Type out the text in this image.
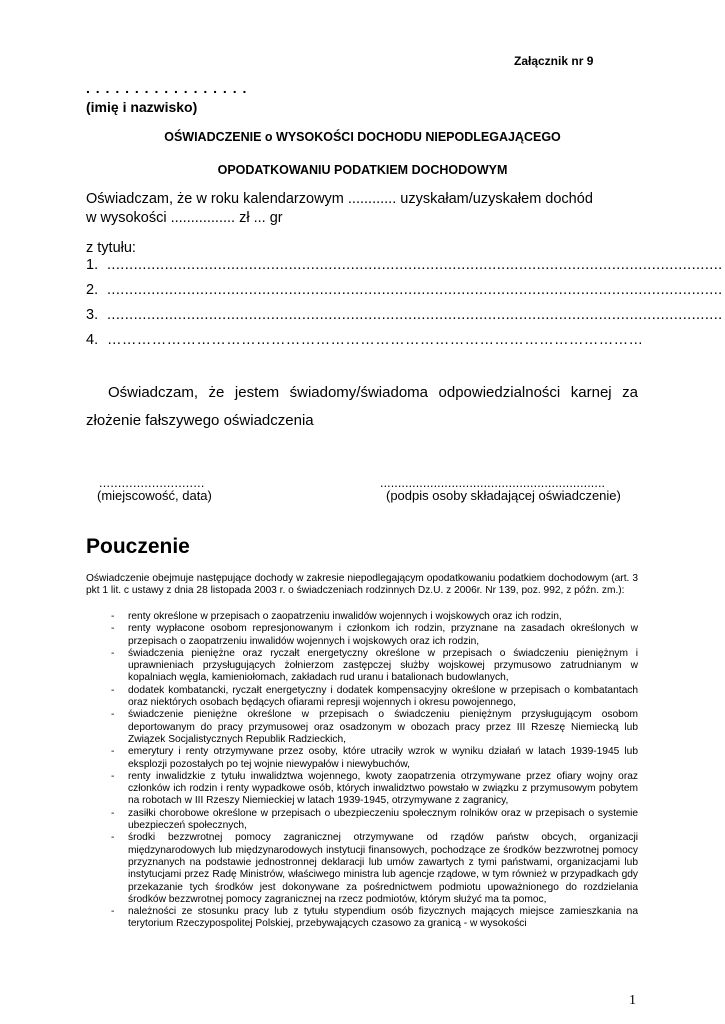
Załącznik nr 9
. . . . . . . . . . . . . . . . .
(imię i nazwisko)
OŚWIADCZENIE o WYSOKOŚCI DOCHODU NIEPODLEGAJĄCEGO
OPODATKOWANIU PODATKIEM DOCHODOWYM
Oświadczam, że w roku kalendarzowym ............ uzyskałam/uzyskałem dochód
w wysokości ................ zł ... gr
z tytułu:
1. ...........................................................................................................................................
2. ...........................................................................................................................................
3. ...........................................................................................................................................
4. ………………………………………………………………………………………………
Oświadczam, że jestem świadomy/świadoma odpowiedzialności karnej za złożenie fałszywego oświadczenia
............................
(miejscowość, data)
...............................................................
(podpis osoby składającej oświadczenie)
Pouczenie
Oświadczenie obejmuje następujące dochody w zakresie niepodlegającym opodatkowaniu podatkiem dochodowym (art. 3 pkt 1 lit. c ustawy z dnia 28 listopada 2003 r. o świadczeniach rodzinnych Dz.U. z 2006r. Nr 139, poz. 992, z późn. zm.):
- renty określone w przepisach o zaopatrzeniu inwalidów wojennych i wojskowych oraz ich rodzin,
- renty wypłacone osobom represjonowanym i członkom ich rodzin, przyznane na zasadach określonych w przepisach o zaopatrzeniu inwalidów wojennych i wojskowych oraz ich rodzin,
- świadczenia pieniężne oraz ryczałt energetyczny określone w przepisach o świadczeniu pieniężnym i uprawnieniach przysługujących żołnierzom zastępczej służby wojskowej przymusowo zatrudnianym w kopalniach węgla, kamieniołomach, zakładach rud uranu i batalionach budowlanych,
- dodatek kombatancki, ryczałt energetyczny i dodatek kompensacyjny określone w przepisach o kombatantach oraz niektórych osobach będących ofiarami represji wojennych i okresu powojennego,
- świadczenie pieniężne określone w przepisach o świadczeniu pieniężnym przysługującym osobom deportowanym do pracy przymusowej oraz osadzonym w obozach pracy przez III Rzeszę Niemiecką lub Związek Socjalistycznych Republik Radzieckich,
- emerytury i renty otrzymywane przez osoby, które utraciły wzrok w wyniku działań w latach 1939-1945 lub eksplozji pozostałych po tej wojnie niewypałów i niewybuchów,
- renty inwalidzkie z tytułu inwalidztwa wojennego, kwoty zaopatrzenia otrzymywane przez ofiary wojny oraz członków ich rodzin i renty wypadkowe osób, których inwalidztwo powstało w związku z przymusowym pobytem na robotach w III Rzeszy Niemieckiej w latach 1939-1945, otrzymywane z zagranicy,
- zasiłki chorobowe określone w przepisach o ubezpieczeniu społecznym rolników oraz w przepisach o systemie ubezpieczeń społecznych,
- środki bezzwrotnej pomocy zagranicznej otrzymywane od rządów państw obcych, organizacji międzynarodowych lub międzynarodowych instytucji finansowych, pochodzące ze środków bezzwrotnej pomocy przyznanych na podstawie jednostronnej deklaracji lub umów zawartych z tymi państwami, organizacjami lub instytucjami przez Radę Ministrów, właściwego ministra lub agencje rządowe, w tym również w przypadkach gdy przekazanie tych środków jest dokonywane za pośrednictwem podmiotu upoważnionego do rozdzielania środków bezzwrotnej pomocy zagranicznej na rzecz podmiotów, którym służyć ma ta pomoc,
- należności ze stosunku pracy lub z tytułu stypendium osób fizycznych mających miejsce zamieszkania na terytorium Rzeczypospolitej Polskiej, przebywających czasowo za granicą - w wysokości
1
